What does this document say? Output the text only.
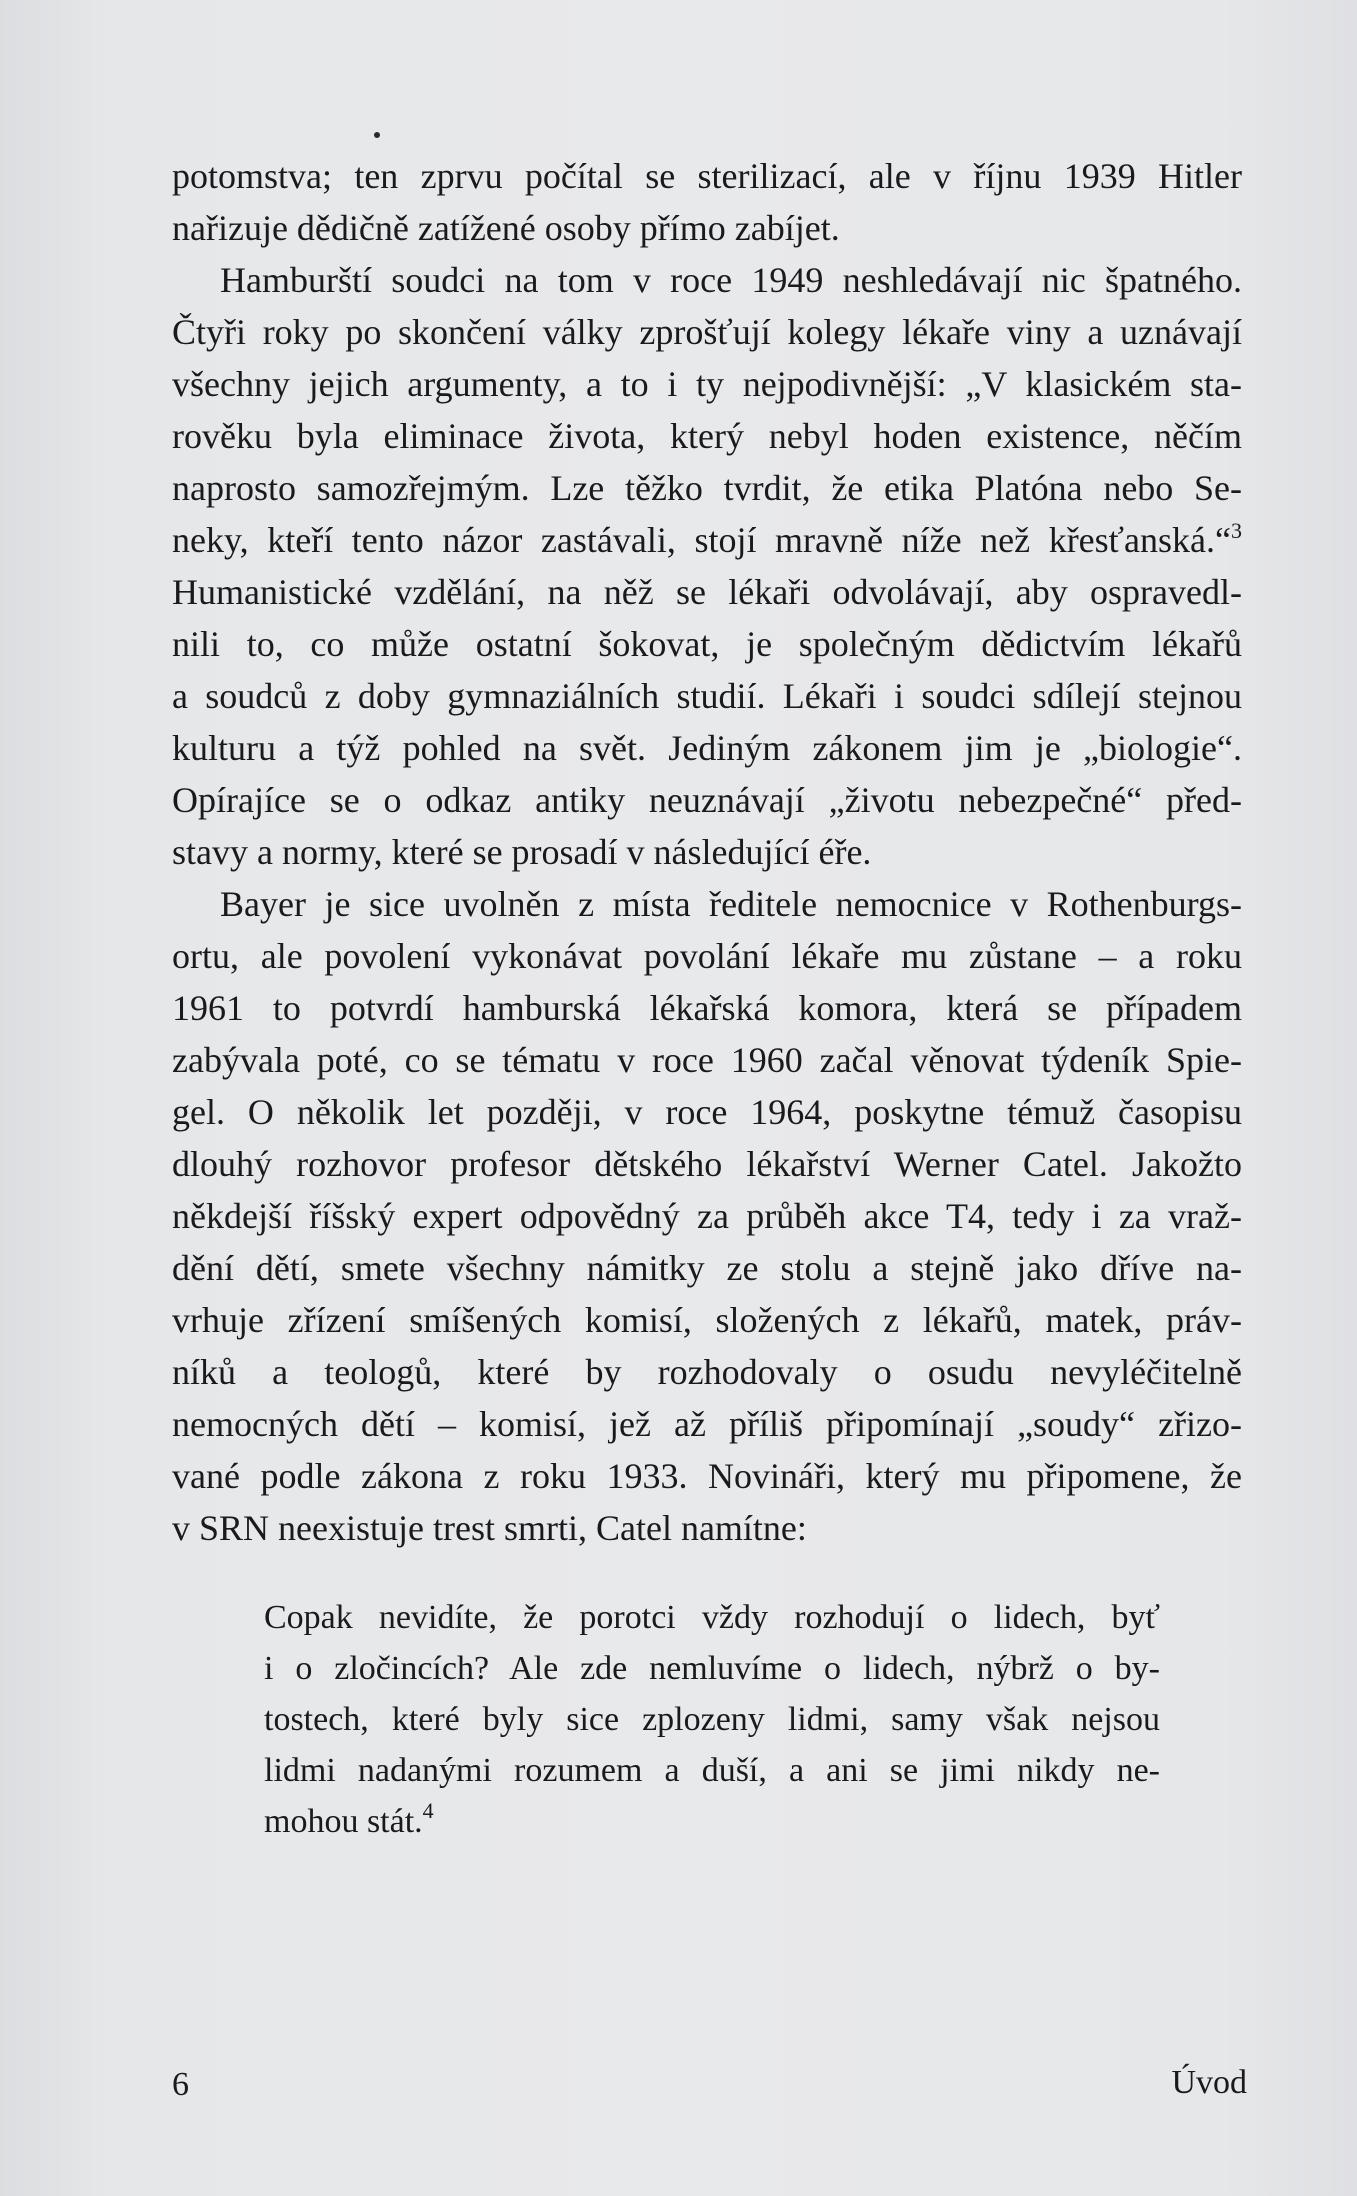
potomstva; ten zprvu počítal se sterilizací, ale v říjnu 1939 Hitler
nařizuje dědičně zatížené osoby přímo zabíjet.
Hamburští soudci na tom v roce 1949 neshledávají nic špatného.
Čtyři roky po skončení války zprošťují kolegy lékaře viny a uznávají
všechny jejich argumenty, a to i ty nejpodivnější: „V klasickém sta-
rověku byla eliminace života, který nebyl hoden existence, něčím
naprosto samozřejmým. Lze těžko tvrdit, že etika Platóna nebo Se-
neky, kteří tento názor zastávali, stojí mravně níže než křesťanská.“$^3$
Humanistické vzdělání, na něž se lékaři odvolávají, aby ospravedl-
nili to, co může ostatní šokovat, je společným dědictvím lékařů
a soudců z doby gymnaziálních studií. Lékaři i soudci sdílejí stejnou
kulturu a týž pohled na svět. Jediným zákonem jim je „biologie“.
Opírajíce se o odkaz antiky neuznávají „životu nebezpečné“ před-
stavy a normy, které se prosadí v následující éře.
Bayer je sice uvolněn z místa ředitele nemocnice v Rothenburgs-
ortu, ale povolení vykonávat povolání lékaře mu zůstane – a roku
1961 to potvrdí hamburská lékařská komora, která se případem
zabývala poté, co se tématu v roce 1960 začal věnovat týdeník Spie-
gel. O několik let později, v roce 1964, poskytne témuž časopisu
dlouhý rozhovor profesor dětského lékařství Werner Catel. Jakožto
někdejší říšský expert odpovědný za průběh akce T4, tedy i za vraž-
dění dětí, smete všechny námitky ze stolu a stejně jako dříve na-
vrhuje zřízení smíšených komisí, složených z lékařů, matek, práv-
níků a teologů, které by rozhodovaly o osudu nevyléčitelně
nemocných dětí – komisí, jež až příliš připomínají „soudy“ zřizo-
vané podle zákona z roku 1933. Novináři, který mu připomene, že
v SRN neexistuje trest smrti, Catel namítne:
Copak nevidíte, že porotci vždy rozhodují o lidech, byť
i o zločincích? Ale zde nemluvíme o lidech, nýbrž o by-
tostech, které byly sice zplozeny lidmi, samy však nejsou
lidmi nadanými rozumem a duší, a ani se jimi nikdy ne-
mohou stát.$^4$
6	Úvod
